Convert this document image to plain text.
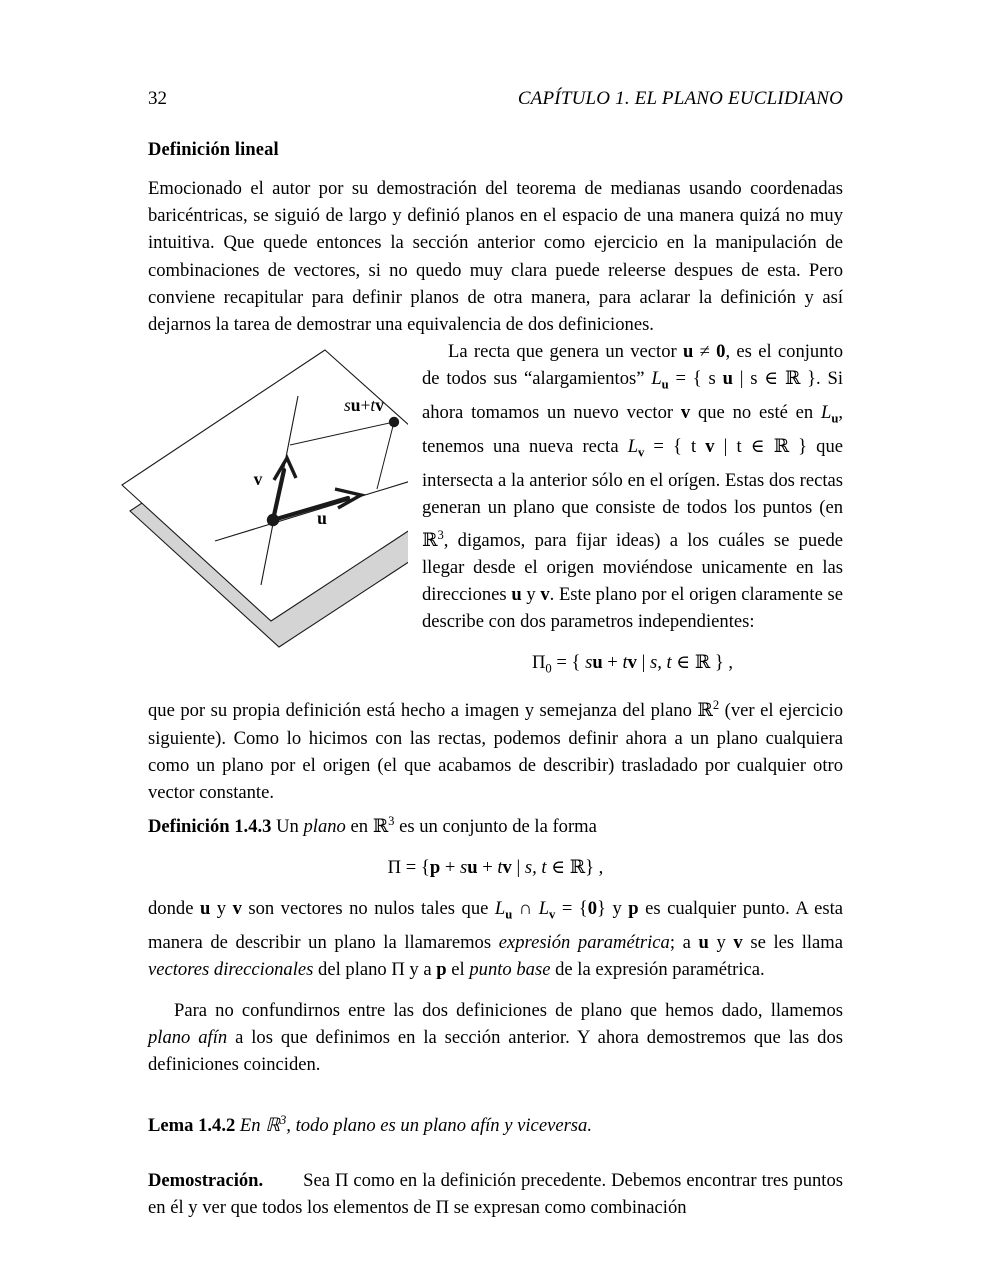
32	CAPÍTULO 1. EL PLANO EUCLIDIANO
Definición lineal

Emocionado el autor por su demostración del teorema de medianas usando coordenadas baricéntricas, se siguió de largo y definió planos en el espacio de una manera quizá no muy intuitiva. Que quede entonces la sección anterior como ejercicio en la manipulación de combinaciones de vectores, si no quedo muy clara puede releerse despues de esta. Pero conviene recapitular para definir planos de otra manera, para aclarar la definición y así dejarnos la tarea de demostrar una equivalencia de dos definiciones.

su+tv
u
v
La recta que genera un vector u ≠ 0, es el conjunto de todos sus “alargamientos” $L_u$ = { s u | s ∈ ℝ }. Si ahora tomamos un nuevo vector v que no esté en $L_u$, tenemos una nueva recta $L_v$ = { t v | t ∈ ℝ } que intersecta a la anterior sólo en el orígen. Estas dos rectas generan un plano que consiste de todos los puntos (en ℝ$^3$, digamos, para fijar ideas) a los cuáles se puede llegar desde el origen moviéndose unicamente en las direcciones u y v. Este plano por el origen claramente se describe con dos parametros independientes:

$\Pi_0$ = { su + tv | s, t ∈ ℝ } ,

que por su propia definición está hecho a imagen y semejanza del plano ℝ$^2$ (ver el ejercicio siguiente). Como lo hicimos con las rectas, podemos definir ahora a un plano cualquiera como un plano por el origen (el que acabamos de describir) trasladado por cualquier otro vector constante.

Definición 1.4.3 Un plano en ℝ$^3$ es un conjunto de la forma

Π = {p + su + tv | s, t ∈ ℝ} ,

donde u y v son vectores no nulos tales que $L_u$ ∩ $L_v = \{0\}$ y p es cualquier punto. A esta manera de describir un plano la llamaremos expresión paramétrica; a u y v se les llama vectores direccionales del plano Π y a p el punto base de la expresión paramétrica.

Para no confundirnos entre las dos definiciones de plano que hemos dado, llamemos plano afín a los que definimos en la sección anterior. Y ahora demostremos que las dos definiciones coinciden.

Lema 1.4.2 En ℝ$^3$, todo plano es un plano afín y viceversa.

Demostración. Sea Π como en la definición precedente. Debemos encontrar tres puntos en él y ver que todos los elementos de Π se expresan como combinación
